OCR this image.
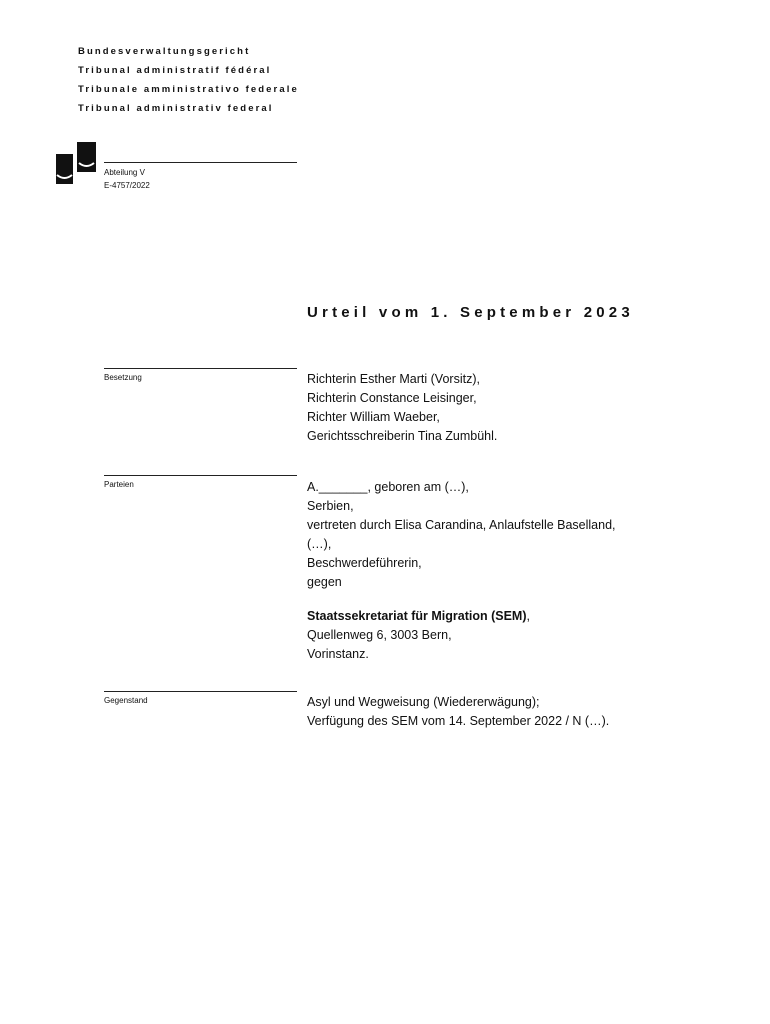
Bundesverwaltungsgericht
Tribunal administratif fédéral
Tribunale amministrativo federale
Tribunal administrativ federal
Abteilung V
E-4757/2022
Urteil vom 1. September 2023
Besetzung	Richterin Esther Marti (Vorsitz),
Richterin Constance Leisinger,
Richter William Waeber,
Gerichtsschreiberin Tina Zumbühl.
Parteien	A._______, geboren am (…),
Serbien,
vertreten durch Elisa Carandina, Anlaufstelle Baselland,
(…),
Beschwerdeführerin,
gegen
Staatssekretariat für Migration (SEM),
Quellenweg 6, 3003 Bern,
Vorinstanz.
Gegenstand	Asyl und Wegweisung (Wiedererwägung);
Verfügung des SEM vom 14. September 2022 / N (…).
